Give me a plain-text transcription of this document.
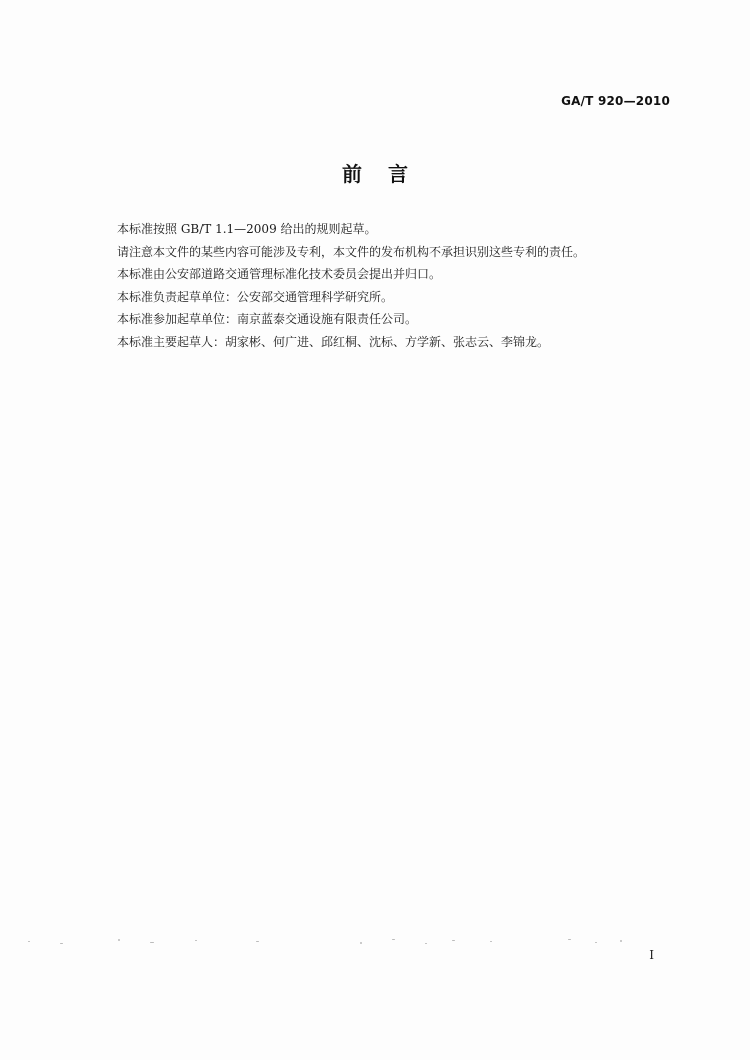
GA/T 920—2010
前言

本标准按照 GB/T 1.1—2009 给出的规则起草。

请注意本文件的某些内容可能涉及专利，本文件的发布机构不承担识别这些专利的责任。

本标准由公安部道路交通管理标准化技术委员会提出并归口。

本标准负责起草单位：公安部交通管理科学研究所。

本标准参加起草单位：南京蓝泰交通设施有限责任公司。

本标准主要起草人：胡家彬、何广进、邱红桐、沈标、方学新、张志云、李锦龙。

I
